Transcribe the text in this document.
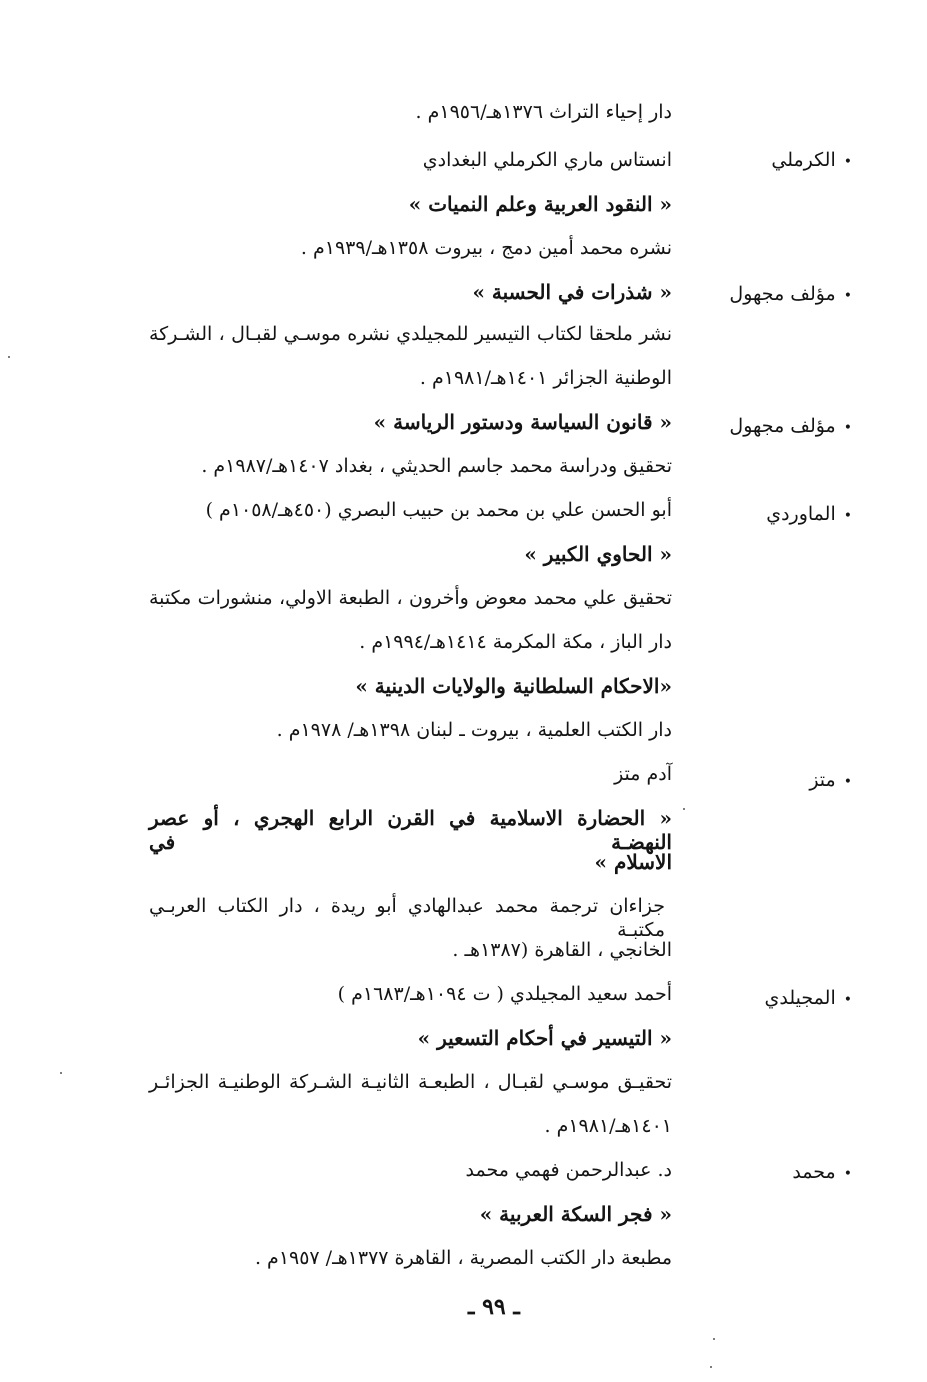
دار إحياء التراث ١٣٧٦هـ/١٩٥٦م .
•الكرملي
انستاس ماري الكرملي البغدادي
« النقود العربية وعلم النميات »
نشره محمد أمين دمج ، بيروت ١٣٥٨هـ/١٩٣٩م .
•مؤلف مجهول
« شذرات في الحسبة »
نشر ملحقا لكتاب التيسير للمجيلدي نشره موسـي لقبـال ، الشـركة
الوطنية الجزائر ١٤٠١هـ/١٩٨١م .
•مؤلف مجهول
« قانون السياسة ودستور الرياسة »
تحقيق ودراسة محمد جاسم الحديثي ، بغداد ١٤٠٧هـ/١٩٨٧م .
•الماوردي
أبو الحسن علي بن محمد بن حبيب البصري (٤٥٠هـ/١٠٥٨م )
« الحاوي الكبير »
تحقيق علي محمد معوض وأخرون ، الطبعة الاولي، منشورات مكتبة
دار الباز ، مكة المكرمة ١٤١٤هـ/١٩٩٤م .
«الاحكام السلطانية والولايات الدينية »
دار الكتب العلمية ، بيروت ـ لبنان ١٣٩٨هـ/ ١٩٧٨م .
•متز
آدم متز
« الحضارة الاسلامية في القرن الرابع الهجري ، أو عصر النهضـة في
الاسلام »
جزاءان ترجمة محمد عبدالهادي أبو ريدة ، دار الكتاب العربـي مكتبـة
الخانجي ، القاهرة (١٣٨٧هـ .
•المجيلدي
أحمد سعيد المجيلدي ( ت ١٠٩٤هـ/١٦٨٣م )
« التيسير في أحكام التسعير »
تحقيـق موسـي لقبـال ، الطبعـة الثانيـة الشـركة الوطنيـة الجزائـر
١٤٠١هـ/١٩٨١م .
•محمد
د. عبدالرحمن فهمي محمد
« فجر السكة العربية »
مطبعة دار الكتب المصرية ، القاهرة ١٣٧٧هـ/ ١٩٥٧م .
ـ ٩٩ ـ
